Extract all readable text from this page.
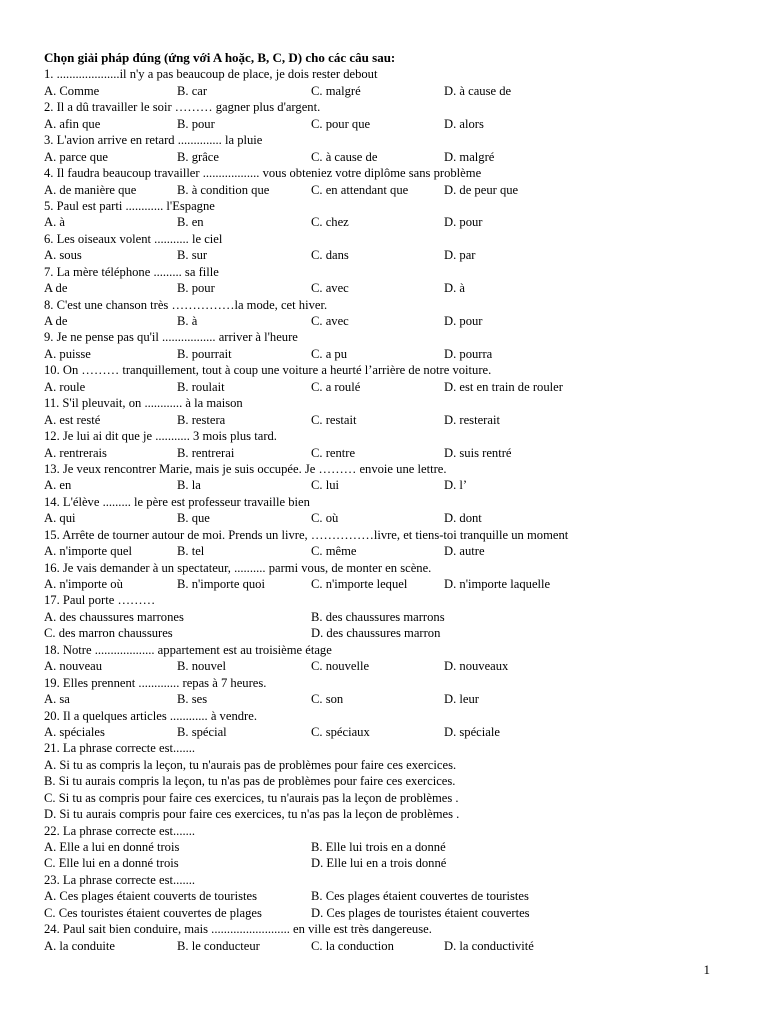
Chọn giải pháp đúng (ứng với A hoặc, B, C, D) cho các câu sau:
1. ....................il n'y a pas beaucoup de place, je dois rester debout
A. Comme	B. car	C. malgré	D. à cause de
2. Il a dû travailler le soir ……… gagner plus d'argent.
A. afin que	B. pour	C. pour que	D. alors
3. L'avion arrive en retard .............. la pluie
A. parce que	B. grâce	C. à cause de	D. malgré
4. Il faudra beaucoup travailler .................. vous obteniez votre diplôme sans problème
A. de manière que	B. à condition que	C. en attendant que	D. de peur que
5. Paul est parti ............ l'Espagne
A. à	B. en	C. chez	D. pour
6. Les oiseaux volent ........... le ciel
A. sous	B. sur	C. dans	D. par
7. La mère téléphone ......... sa fille
A de	B. pour	C. avec	D. à
8. C'est une chanson très ……………la mode, cet hiver.
A de	B. à	C. avec	D. pour
9. Je ne pense pas qu'il ................. arriver à l'heure
A. puisse	B. pourrait	C. a pu	D. pourra
10. On ……… tranquillement, tout à coup une voiture a heurté l’arrière de notre voiture.
A. roule	B. roulait	C. a roulé	D. est en train de rouler
11. S'il pleuvait, on ............ à la maison
A. est resté	B. restera	C. restait	D. resterait
12. Je lui ai dit que je ........... 3 mois plus tard.
A. rentrerais	B. rentrerai	C. rentre	D. suis rentré
13. Je veux rencontrer Marie, mais je suis occupée. Je ……… envoie une lettre.
A. en	B. la	C. lui	D. l’
14. L'élève ......... le père est professeur travaille bien
A. qui	B. que	C. où	D. dont
15. Arrête de tourner autour de moi. Prends un livre, ……………livre, et tiens-toi tranquille un moment
A. n'importe quel	B. tel	C. même	D. autre
16. Je vais demander à un spectateur, .......... parmi vous, de monter en scène.
A. n'importe où	B. n'importe quoi	C. n'importe lequel	D. n'importe laquelle
17. Paul porte ………
A. des chaussures marrones	B. des chaussures marrons
C. des marron chaussures	D. des chaussures marron
18. Notre ................... appartement est au troisième étage
A. nouveau	B. nouvel	C. nouvelle	D. nouveaux
19. Elles prennent ............. repas à 7 heures.
A. sa	B. ses	C. son	D. leur
20. Il a quelques articles ............ à vendre.
A. spéciales	B. spécial	C. spéciaux	D. spéciale
21. La phrase correcte est.......
A. Si tu as compris la leçon, tu n'aurais pas de problèmes pour faire ces exercices.
B. Si tu aurais compris la leçon, tu n'as pas de problèmes pour faire ces exercices.
C. Si tu as compris pour faire ces exercices, tu n'aurais pas la leçon de problèmes .
D. Si tu aurais compris pour faire ces exercices, tu n'as pas la leçon de problèmes .
22. La phrase correcte est.......
A. Elle a lui en donné trois	B. Elle lui trois en a donné
C. Elle lui en a donné trois	D. Elle lui en a trois donné
23. La phrase correcte est.......
A. Ces plages étaient couverts de touristes	B. Ces plages étaient couvertes de touristes
C. Ces touristes étaient couvertes de plages	D. Ces plages de touristes étaient couvertes
24. Paul sait bien conduire, mais ......................... en ville est très dangereuse.
A. la conduite	B. le conducteur	C. la conduction	D. la conductivité
1
